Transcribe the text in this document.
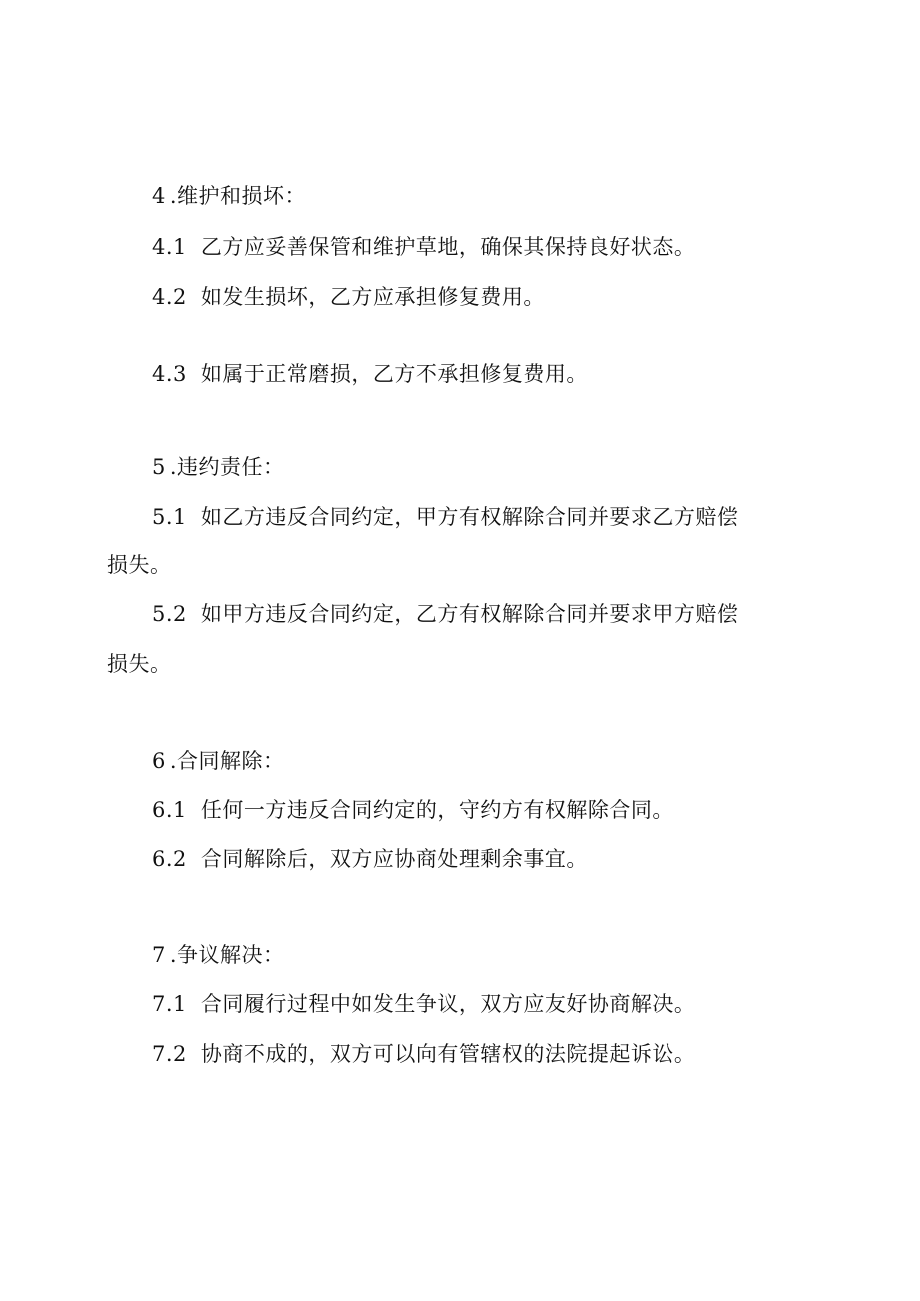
4 .维护和损坏：
4.1 乙方应妥善保管和维护草地，确保其保持良好状态。
4.2 如发生损坏，乙方应承担修复费用。
4.3 如属于正常磨损，乙方不承担修复费用。
5 .违约责任：
5.1 如乙方违反合同约定，甲方有权解除合同并要求乙方赔偿
损失。
5.2 如甲方违反合同约定，乙方有权解除合同并要求甲方赔偿
损失。
6 .合同解除：
6.1 任何一方违反合同约定的，守约方有权解除合同。
6.2 合同解除后，双方应协商处理剩余事宜。
7 .争议解决：
7.1 合同履行过程中如发生争议，双方应友好协商解决。
7.2 协商不成的，双方可以向有管辖权的法院提起诉讼。
